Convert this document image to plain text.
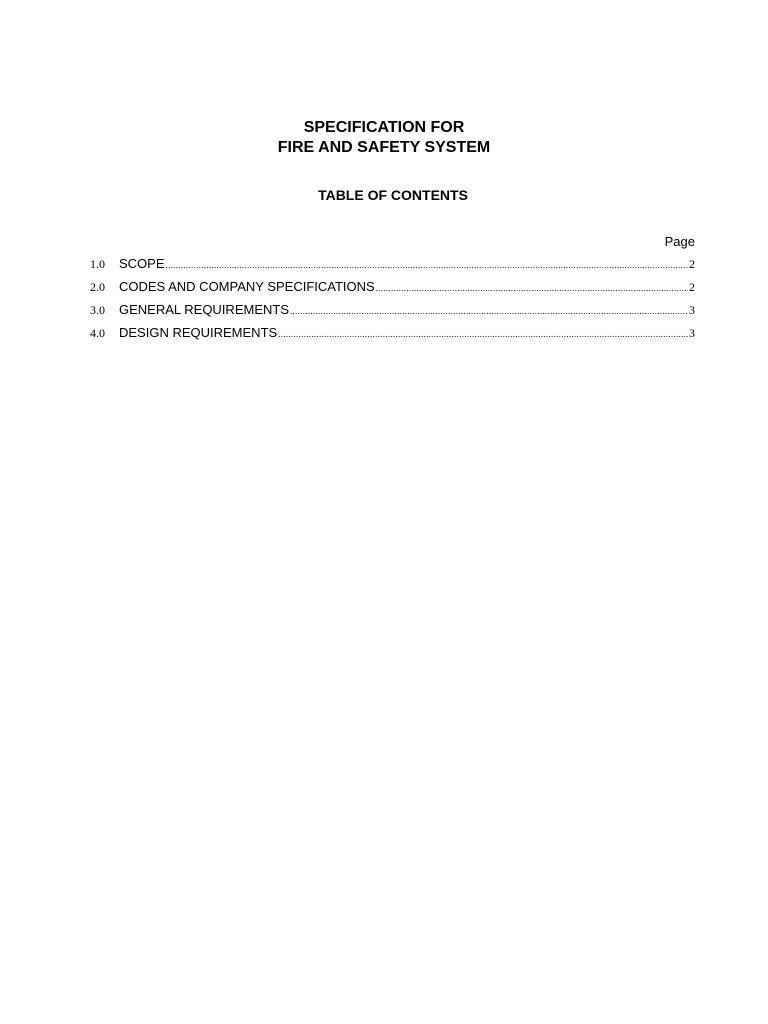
SPECIFICATION FOR
FIRE AND SAFETY SYSTEM
TABLE OF CONTENTS
Page
1.0	SCOPE .....	2
2.0	CODES AND COMPANY SPECIFICATIONS .....	2
3.0	GENERAL REQUIREMENTS .....	3
4.0	DESIGN REQUIREMENTS .....	3
